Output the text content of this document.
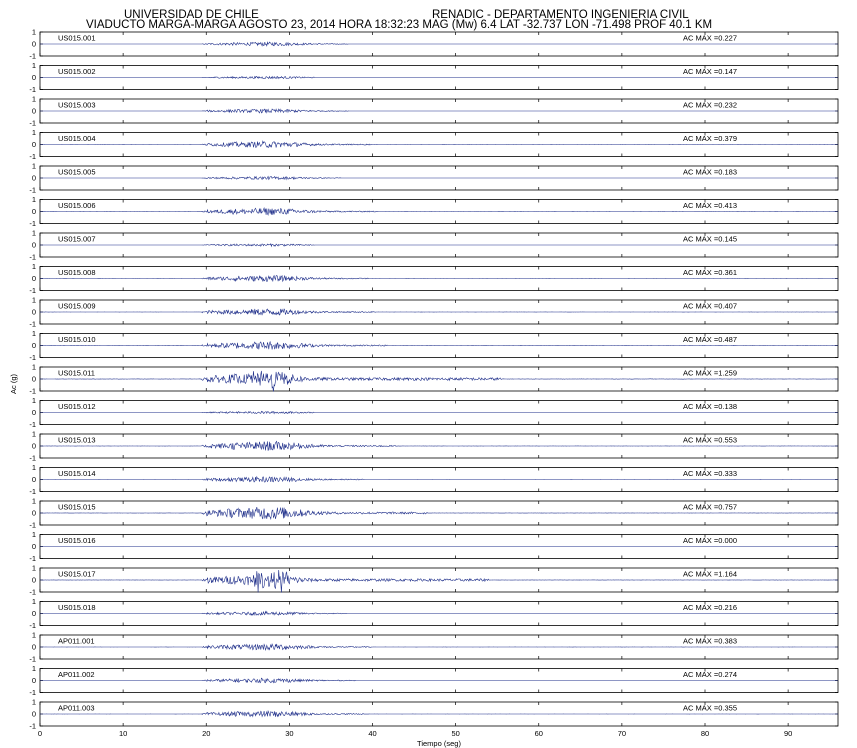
UNIVERSIDAD DE CHILE	RENADIC - DEPARTAMENTO INGENIERIA CIVIL
VIADUCTO MARGA-MARGA AGOSTO 23, 2014 HORA 18:32:23 MAG (Mw) 6.4 LAT -32.737 LON -71.498 PROF 40.1 KM
1
0
-1
US015.001	AC MAX =0.227
1
0
-1
US015.002	AC MAX =0.147
1
0
-1
US015.003	AC MAX =0.232
1
0
-1
US015.004	AC MAX =0.379
1
0
-1
US015.005	AC MAX =0.183
1
0
-1
US015.006	AC MAX =0.413
1
0
-1
US015.007	AC MAX =0.145
1
0
-1
US015.008	AC MAX =0.361
1
0
-1
US015.009	AC MAX =0.407
1
0
-1
US015.010	AC MAX =0.487
1
0
-1
US015.011	AC MAX =1.259
1
0
-1
US015.012	AC MAX =0.138
1
0
-1
US015.013	AC MAX =0.553
1
0
-1
US015.014	AC MAX =0.333
1
0
-1
US015.015	AC MAX =0.757
1
0
-1
US015.016	AC MAX =0.000
1
0
-1
US015.017	AC MAX =1.164
1
0
-1
US015.018	AC MAX =0.216
1
0
-1
AP011.001	AC MAX =0.383
1
0
-1
AP011.002	AC MAX =0.274
1
0
-1
AP011.003	AC MAX =0.355
0	10	20	30	40	50	60	70	80	90
Tiempo (seg)
Ac (g)
